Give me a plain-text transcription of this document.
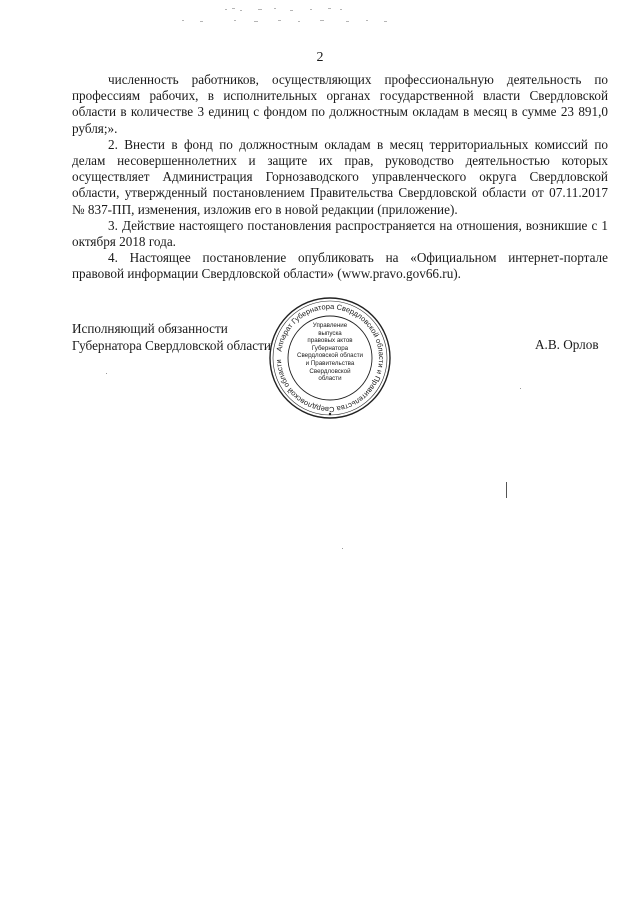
2

численность работников, осуществляющих профессиональную деятельность по профессиям рабочих, в исполнительных органах государственной власти Свердловской области в количестве 3 единиц с фондом по должностным окладам в месяц в сумме 23 891,0 рубля;».

2. Внести в фонд по должностным окладам в месяц территориальных комиссий по делам несовершеннолетних и защите их прав, руководство деятельностью которых осуществляет Администрация Горнозаводского управленческого округа Свердловской области, утвержденный постановлением Правительства Свердловской области от 07.11.2017 № 837-ПП, изменения, изложив его в новой редакции (приложение).

3. Действие настоящего постановления распространяется на отношения, возникшие с 1 октября 2018 года.

4. Настоящее постановление опубликовать на «Официальном интернет-портале правовой информации Свердловской области» (www.pravo.gov66.ru).

Исполняющий обязанности
Губернатора Свердловской области	А.В. Орлов
Аппарат Губернатора Свердловской области и Правительства Свердловской области
Управление
выпуска
правовых актов
Губернатора
Свердловской области
и Правительства
Свердловской
области
